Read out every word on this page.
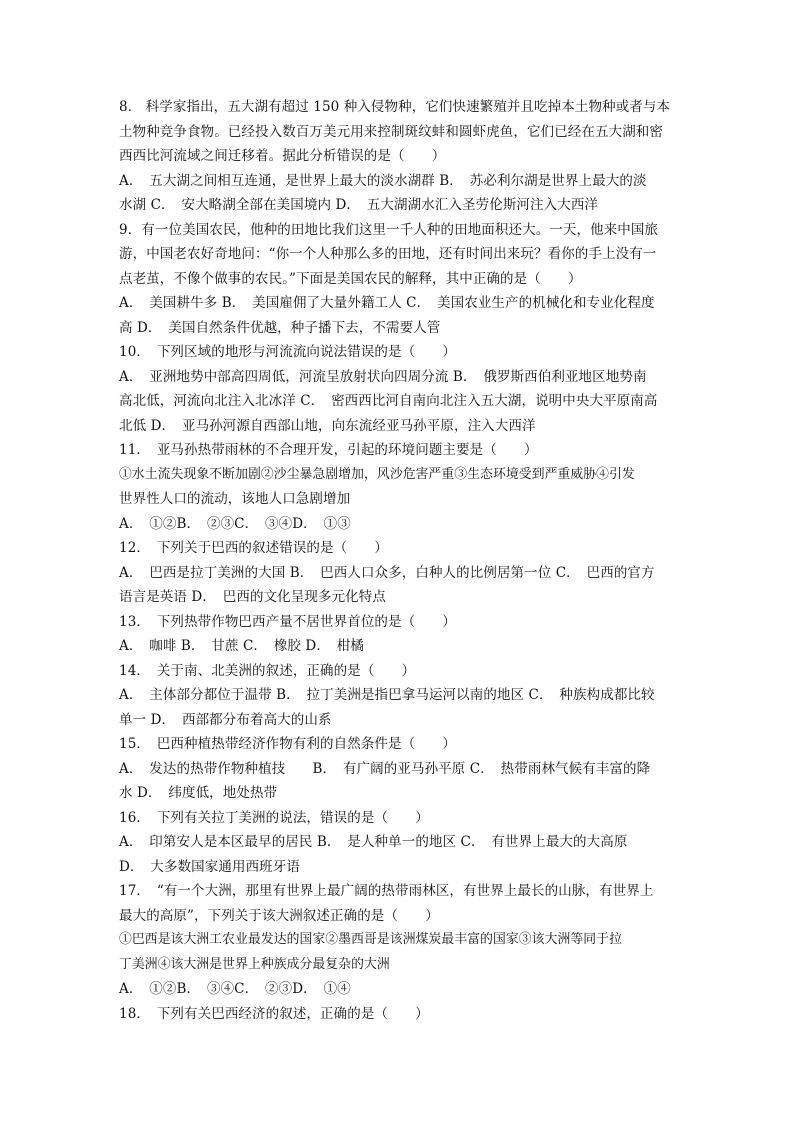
8． 科学家指出，五大湖有超过 150 种入侵物种，它们快速繁殖并且吃掉本土物种或者与本
土物种竞争食物。已经投入数百万美元用来控制斑纹蚌和圆虾虎鱼，它们已经在五大湖和密
西西比河流域之间迁移着。据此分析错误的是（　　）
A．　五大湖之间相互连通，是世界上最大的淡水湖群 B．　苏必利尔湖是世界上最大的淡
水湖 C．　安大略湖全部在美国境内 D．　五大湖湖水汇入圣劳伦斯河注入大西洋
9．有一位美国农民，他种的田地比我们这里一千人种的田地面积还大。一天，他来中国旅
游，中国老农好奇地问：“你一个人种那么多的田地，还有时间出来玩？看你的手上没有一
点老茧，不像个做事的农民。”下面是美国农民的解释，其中正确的是（　　）
A．　美国耕牛多 B．　美国雇佣了大量外籍工人 C．　美国农业生产的机械化和专业化程度
高 D．　美国自然条件优越，种子播下去，不需要人管
10．　下列区域的地形与河流流向说法错误的是（　　）
A．　亚洲地势中部高四周低，河流呈放射状向四周分流 B．　俄罗斯西伯利亚地区地势南
高北低，河流向北注入北冰洋 C．　密西西比河自南向北注入五大湖，说明中央大平原南高
北低 D．　亚马孙河源自西部山地，向东流经亚马孙平原，注入大西洋
11．　亚马孙热带雨林的不合理开发，引起的环境问题主要是（　　）
①水土流失现象不断加剧②沙尘暴急剧增加，风沙危害严重③生态环境受到严重威胁④引发
世界性人口的流动，该地人口急剧增加
A．　①②B．　②③C．　③④D．　①③
12．　下列关于巴西的叙述错误的是（　　）
A．　巴西是拉丁美洲的大国 B．　巴西人口众多，白种人的比例居第一位 C．　巴西的官方
语言是英语 D．　巴西的文化呈现多元化特点
13．　下列热带作物巴西产量不居世界首位的是（　　）
A．　咖啡 B．　甘蔗 C．　橡胶 D．　柑橘
14．　关于南、北美洲的叙述，正确的是（　　）
A．　主体部分都位于温带 B．　拉丁美洲是指巴拿马运河以南的地区 C．　种族构成都比较
单一 D．　西部都分布着高大的山系
15．　巴西种植热带经济作物有利的自然条件是（　　）
A．　发达的热带作物种植技　　B．　有广阔的亚马孙平原 C．　热带雨林气候有丰富的降
水 D．　纬度低，地处热带
16．　下列有关拉丁美洲的说法，错误的是（　　）
A．　印第安人是本区最早的居民 B．　是人种单一的地区 C．　有世界上最大的大高原
D．　大多数国家通用西班牙语
17．　“有一个大洲，那里有世界上最广阔的热带雨林区，有世界上最长的山脉，有世界上
最大的高原”，下列关于该大洲叙述正确的是（　　）
①巴西是该大洲工农业最发达的国家②墨西哥是该洲煤炭最丰富的国家③该大洲等同于拉
丁美洲④该大洲是世界上种族成分最复杂的大洲
A．　①②B．　③④C．　②③D．　①④
18．　下列有关巴西经济的叙述，正确的是（　　）
